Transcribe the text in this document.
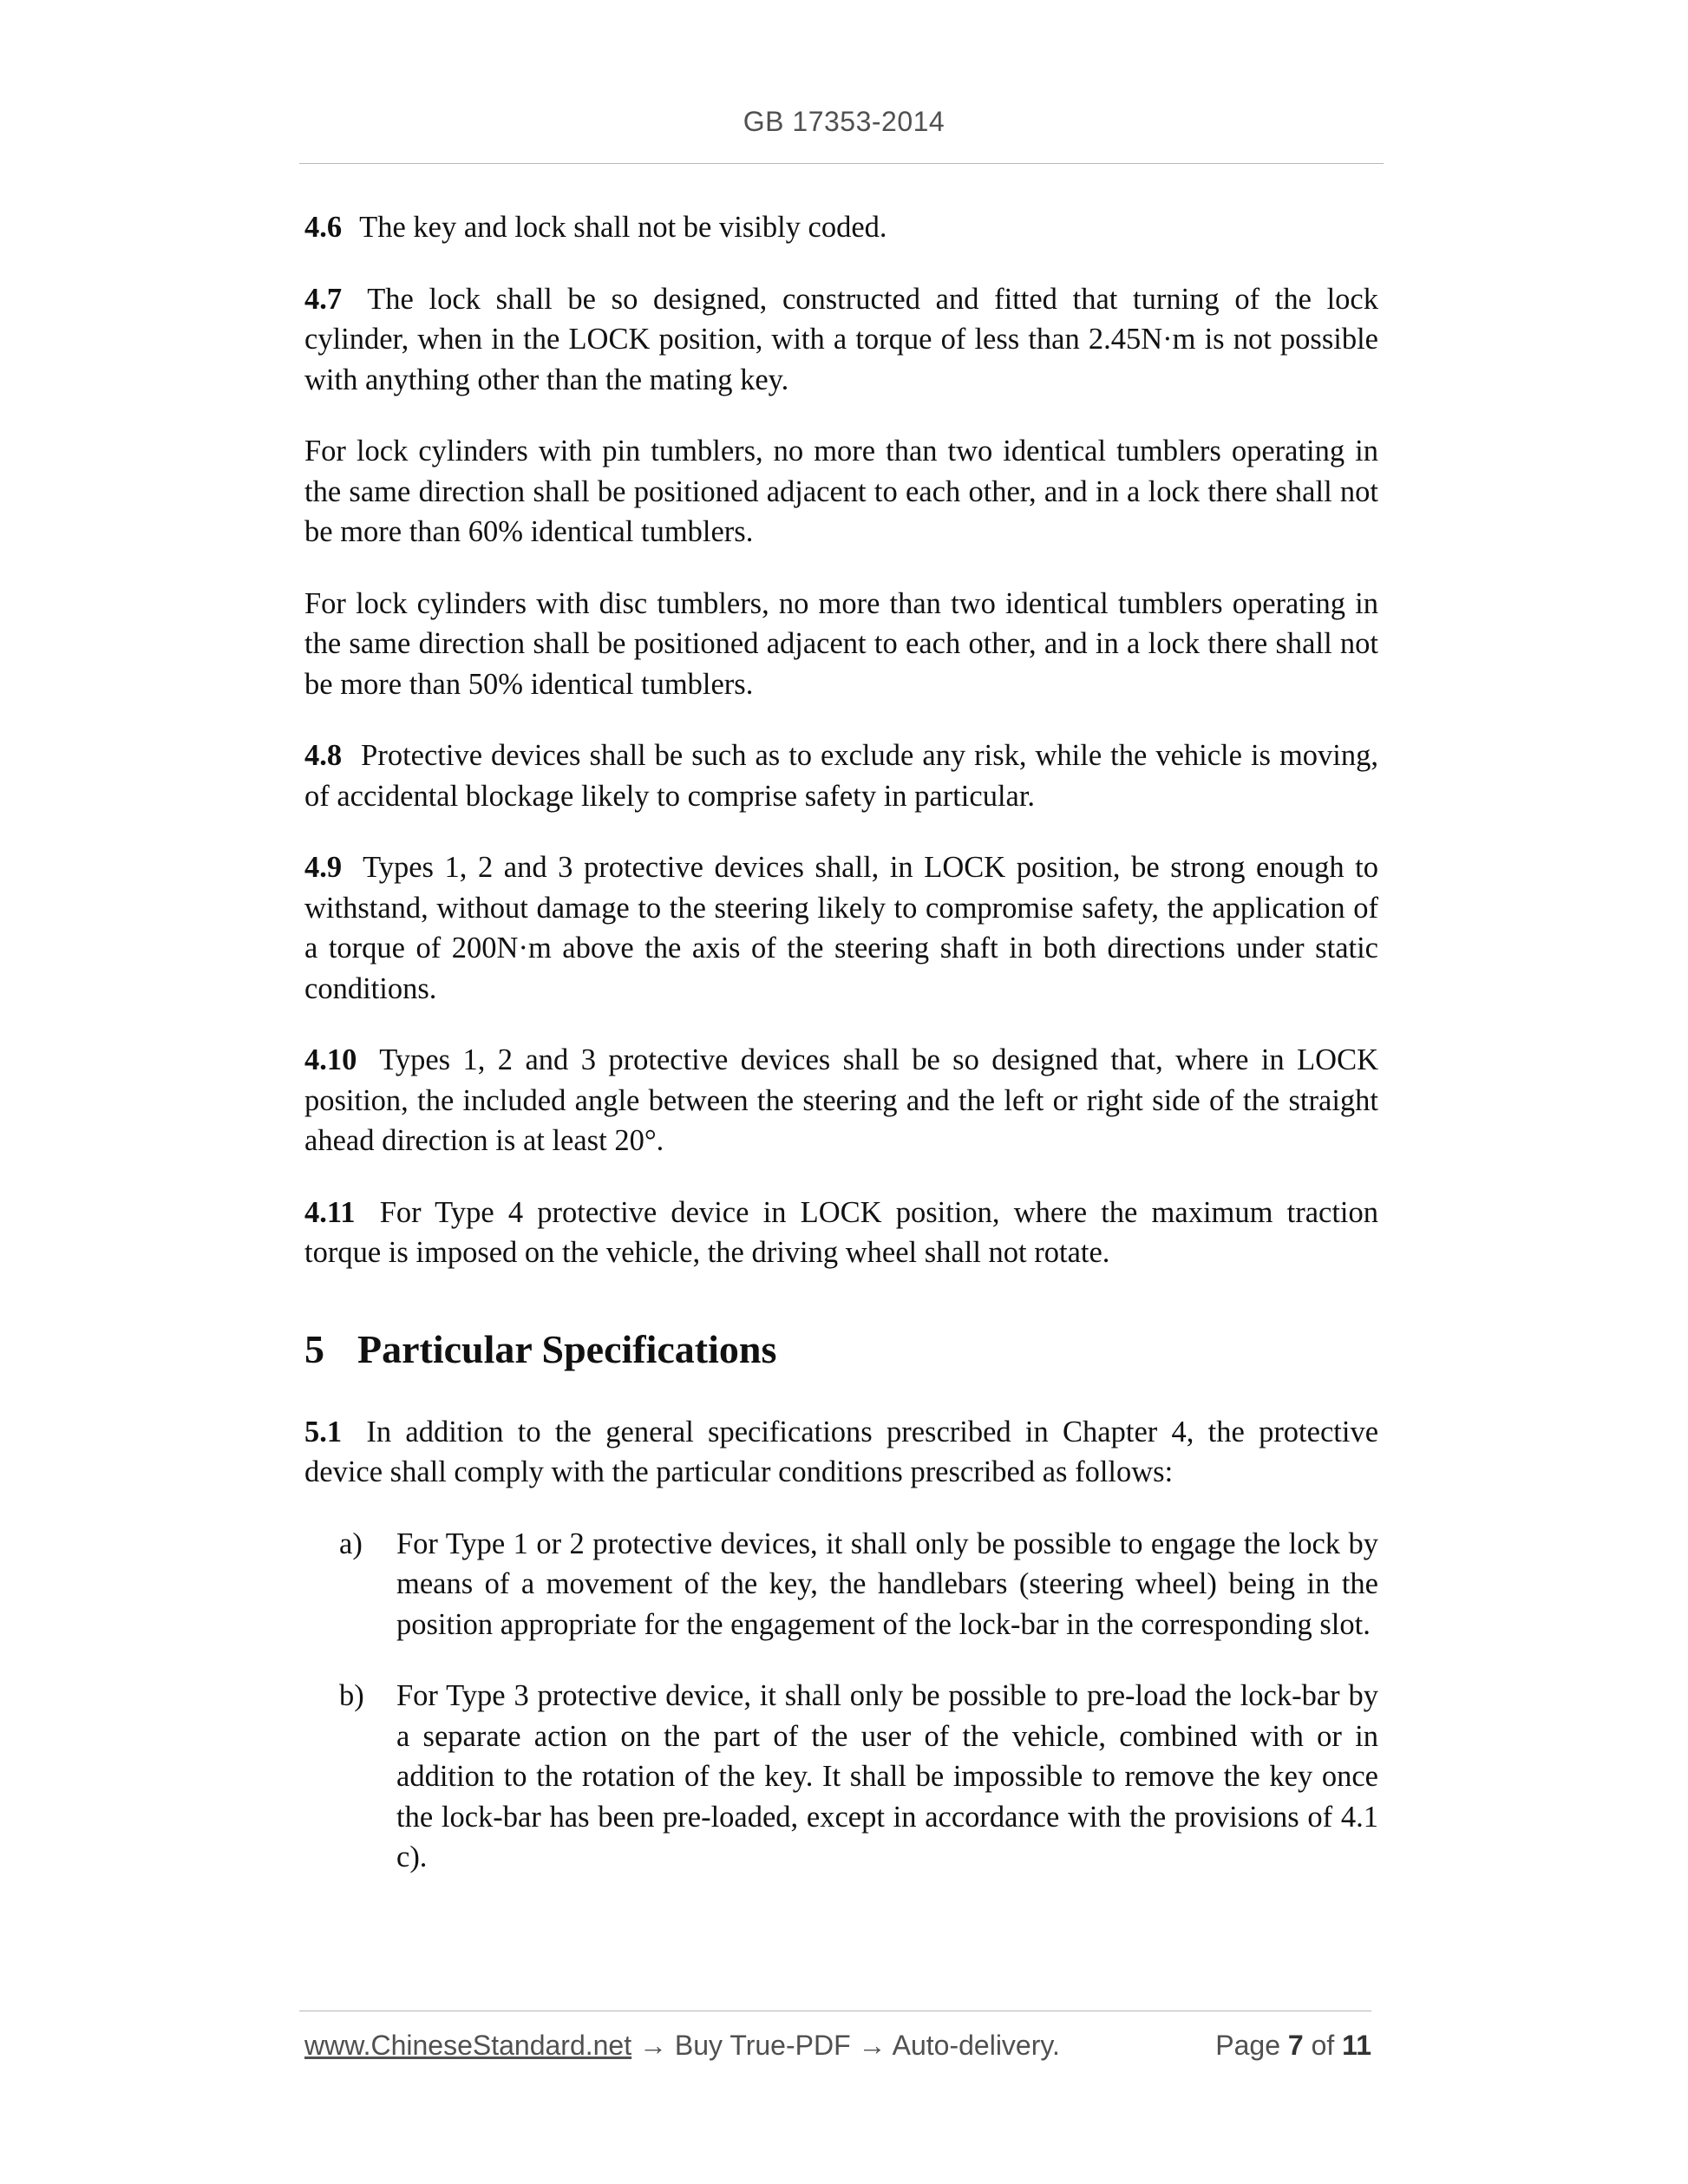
GB 17353-2014

4.6 The key and lock shall not be visibly coded.

4.7 The lock shall be so designed, constructed and fitted that turning of the lock cylinder, when in the LOCK position, with a torque of less than 2.45N·m is not possible with anything other than the mating key.

For lock cylinders with pin tumblers, no more than two identical tumblers operating in the same direction shall be positioned adjacent to each other, and in a lock there shall not be more than 60% identical tumblers.

For lock cylinders with disc tumblers, no more than two identical tumblers operating in the same direction shall be positioned adjacent to each other, and in a lock there shall not be more than 50% identical tumblers.

4.8 Protective devices shall be such as to exclude any risk, while the vehicle is moving, of accidental blockage likely to comprise safety in particular.

4.9 Types 1, 2 and 3 protective devices shall, in LOCK position, be strong enough to withstand, without damage to the steering likely to compromise safety, the application of a torque of 200N·m above the axis of the steering shaft in both directions under static conditions.

4.10 Types 1, 2 and 3 protective devices shall be so designed that, where in LOCK position, the included angle between the steering and the left or right side of the straight ahead direction is at least 20°.

4.11 For Type 4 protective device in LOCK position, where the maximum traction torque is imposed on the vehicle, the driving wheel shall not rotate.

5 Particular Specifications

5.1 In addition to the general specifications prescribed in Chapter 4, the protective device shall comply with the particular conditions prescribed as follows:

a)	For Type 1 or 2 protective devices, it shall only be possible to engage the lock by means of a movement of the key, the handlebars (steering wheel) being in the position appropriate for the engagement of the lock-bar in the corresponding slot.
b)	For Type 3 protective device, it shall only be possible to pre-load the lock-bar by a separate action on the part of the user of the vehicle, combined with or in addition to the rotation of the key. It shall be impossible to remove the key once the lock-bar has been pre-loaded, except in accordance with the provisions of 4.1 c).
www.ChineseStandard.net → Buy True-PDF → Auto-delivery.	Page 7 of 11
